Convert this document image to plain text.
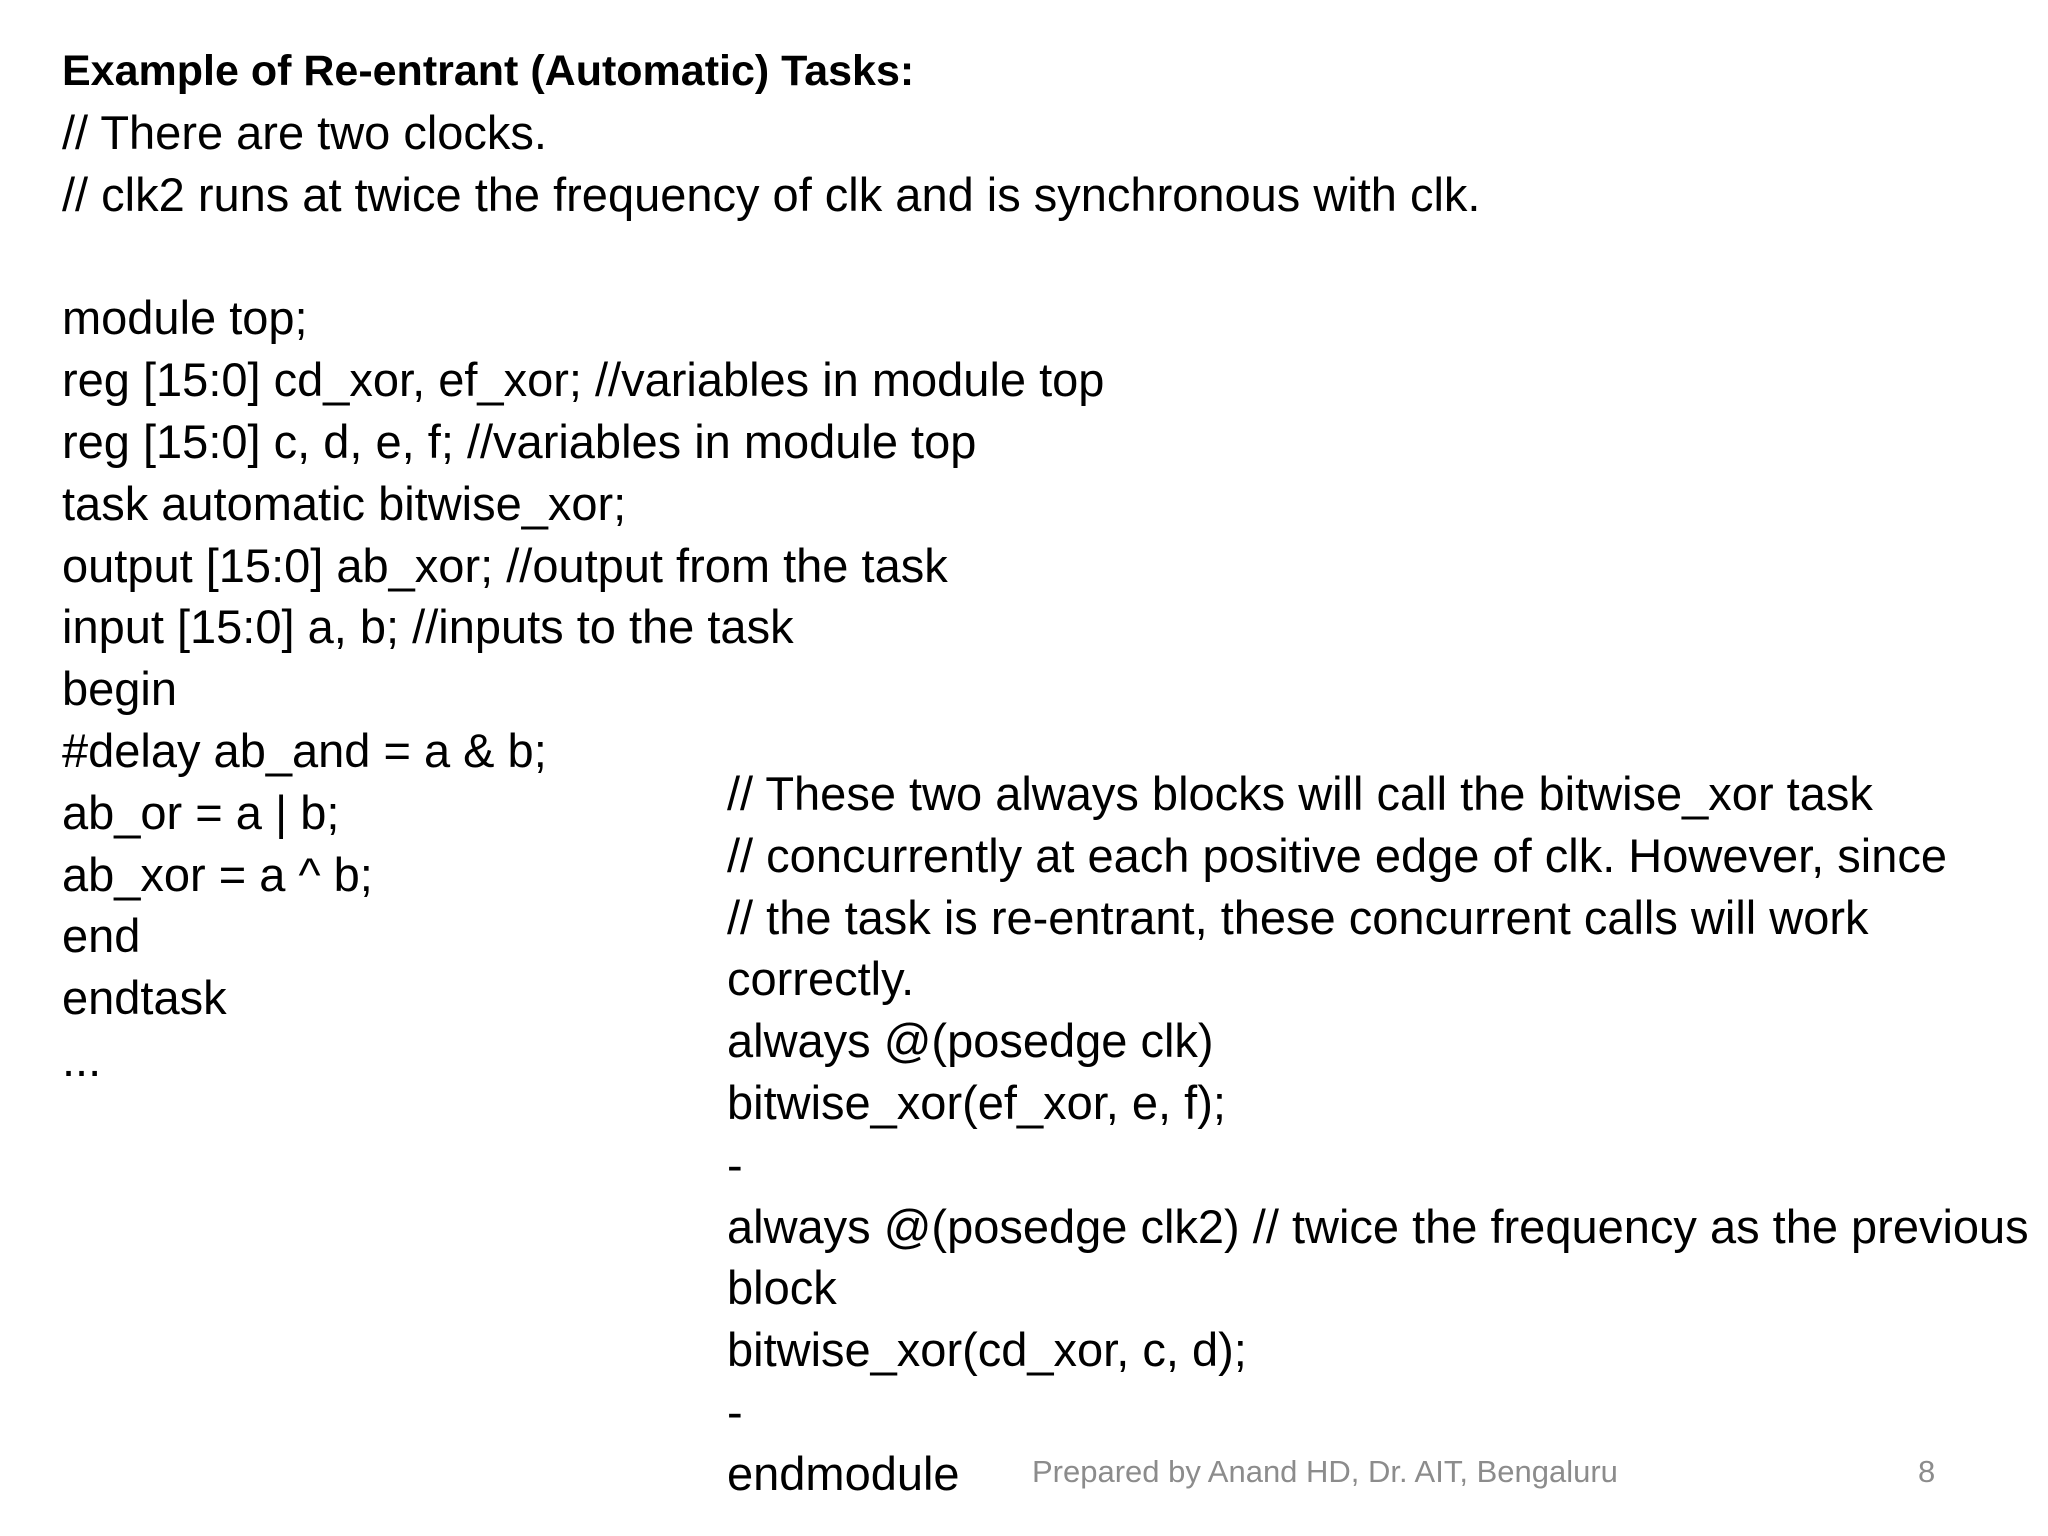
Example of Re-entrant (Automatic) Tasks:
// There are two clocks.
// clk2 runs at twice the frequency of clk and is synchronous with clk.
module top;
reg [15:0] cd_xor, ef_xor; //variables in module top
reg [15:0] c, d, e, f; //variables in module top
task automatic bitwise_xor;
output [15:0] ab_xor; //output from the task
input [15:0] a, b; //inputs to the task
begin
#delay ab_and = a & b;
ab_or = a | b;
ab_xor = a ^ b;
end
endtask
...
// These two always blocks will call the bitwise_xor task
// concurrently at each positive edge of clk. However, since
// the task is re-entrant, these concurrent calls will work
correctly.
always @(posedge clk)
bitwise_xor(ef_xor, e, f);
-
always @(posedge clk2) // twice the frequency as the previous
block
bitwise_xor(cd_xor, c, d);
-
endmodule	Prepared by Anand HD, Dr. AIT, Bengaluru	8
